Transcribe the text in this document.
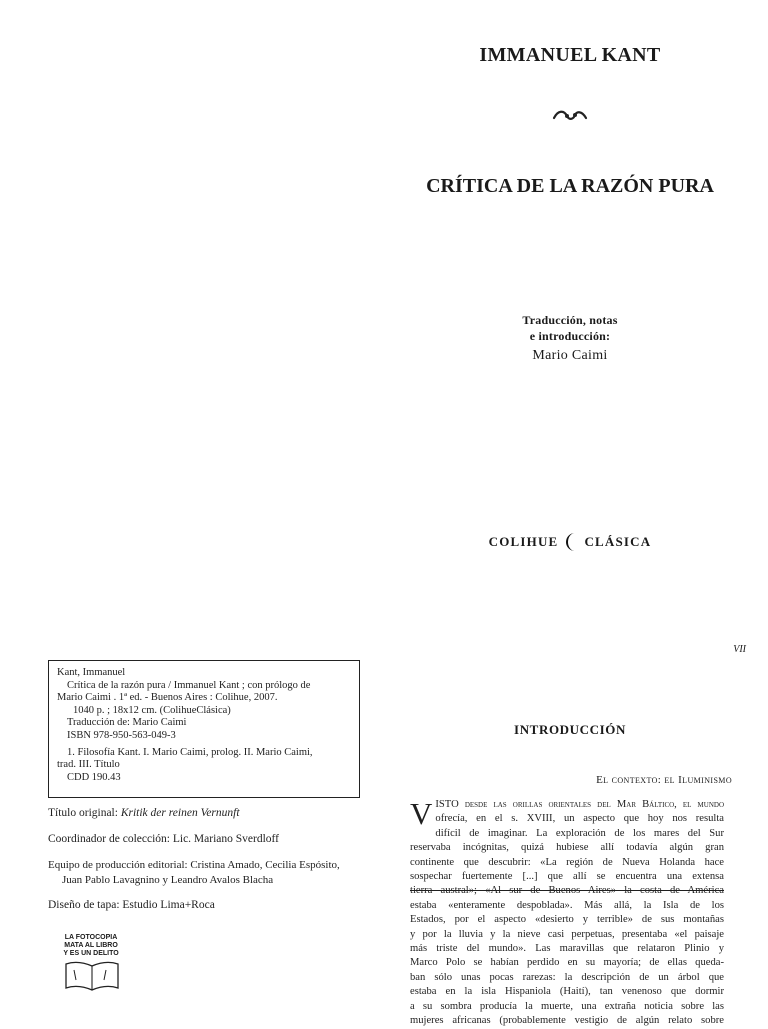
IMMANUEL KANT
CRÍTICA DE LA RAZÓN PURA
Traducción, notas
e introducción:
Mario Caimi
COLIHUE CLÁSICA
Kant, Immanuel
Crítica de la razón pura / Immanuel Kant ; con prólogo de
Mario Caimi . 1ª ed. - Buenos Aires : Colihue, 2007.
1040 p. ; 18x12 cm. (ColihueClásica)
Traducción de: Mario Caimi
ISBN 978-950-563-049-3
1. Filosofía Kant. I. Mario Caimi, prolog. II. Mario Caimi,
trad. III. Título
CDD 190.43
Título original: Kritik der reinen Vernunft
Coordinador de colección: Lic. Mariano Sverdloff
Equipo de producción editorial: Cristina Amado, Cecilia Espósito,
Juan Pablo Lavagnino y Leandro Avalos Blacha
Diseño de tapa: Estudio Lima+Roca
LA FOTOCOPIA
MATA AL LIBRO
Y ES UN DELITO
VII
INTRODUCCIÓN
El contexto: el Iluminismo
V ISTO desde las orillas orientales del Mar Báltico, el mundo
ofrecía, en el s. XVIII, un aspecto que hoy nos resulta
difícil de imaginar. La exploración de los mares del Sur
reservaba incógnitas, quizá hubiese allí todavía algún gran
continente que descubrir: «La región de Nueva Holanda hace
sospechar fuertemente [...] que allí se encuentra una extensa
tierra austral»; «Al sur de Buenos Aires» la costa de América
estaba «enteramente despoblada». Más allá, la Isla de los
Estados, por el aspecto «desierto y terrible» de sus montañas
y por la lluvia y la nieve casi perpetuas, presentaba «el paisaje
más triste del mundo». Las maravillas que relataron Plinio y
Marco Polo se habían perdido en su mayoría; de ellas queda-
ban sólo unas pocas rarezas: la descripción de un árbol que
estaba en la isla Hispaniola (Haití), tan venenoso que dormir
a su sombra producía la muerte, una extraña noticia sobre las
mujeres africanas (probablemente vestigio de algún relato sobre
